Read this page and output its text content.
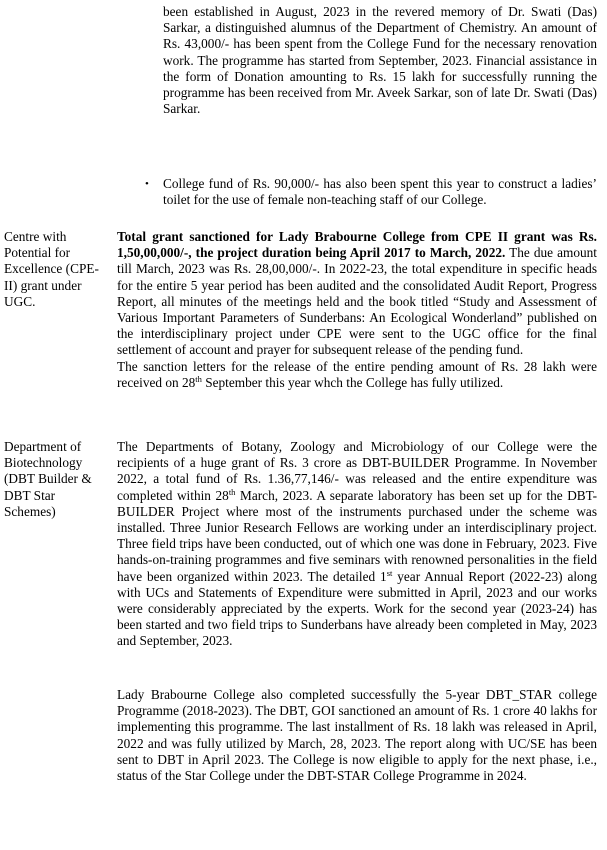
been established in August, 2023 in the revered memory of Dr. Swati (Das) Sarkar, a distinguished alumnus of the Department of Chemistry. An amount of Rs. 43,000/- has been spent from the College Fund for the necessary renovation work. The programme has started from September, 2023. Financial assistance in the form of Donation amounting to Rs. 15 lakh for successfully running the programme has been received from Mr. Aveek Sarkar, son of late Dr. Swati (Das) Sarkar.

•	College fund of Rs. 90,000/- has also been spent this year to construct a ladies’ toilet for the use of female non-teaching staff of our College.
Centre with Potential for Excellence (CPE-II) grant under UGC.

Total grant sanctioned for Lady Brabourne College from CPE II grant was Rs. 1,50,00,000/-, the project duration being April 2017 to March, 2022. The due amount till March, 2023 was Rs. 28,00,000/-. In 2022-23, the total expenditure in specific heads for the entire 5 year period has been audited and the consolidated Audit Report, Progress Report, all minutes of the meetings held and the book titled “Study and Assessment of Various Important Parameters of Sunderbans: An Ecological Wonderland” published on the interdisciplinary project under CPE were sent to the UGC office for the final settlement of account and prayer for subsequent release of the pending fund.

The sanction letters for the release of the entire pending amount of Rs. 28 lakh were received on 28th September this year whch the College has fully utilized.

Department of Biotechnology (DBT Builder & DBT Star Schemes)

The Departments of Botany, Zoology and Microbiology of our College were the recipients of a huge grant of Rs. 3 crore as DBT-BUILDER Programme. In November 2022, a total fund of Rs. 1.36,77,146/- was released and the entire expenditure was completed within 28th March, 2023. A separate laboratory has been set up for the DBT-BUILDER Project where most of the instruments purchased under the scheme was installed. Three Junior Research Fellows are working under an interdisciplinary project. Three field trips have been conducted, out of which one was done in February, 2023. Five hands-on-training programmes and five seminars with renowned personalities in the field have been organized within 2023. The detailed 1st year Annual Report (2022-23) along with UCs and Statements of Expenditure were submitted in April, 2023 and our works were considerably appreciated by the experts. Work for the second year (2023-24) has been started and two field trips to Sunderbans have already been completed in May, 2023 and September, 2023.

Lady Brabourne College also completed successfully the 5-year DBT_STAR college Programme (2018-2023). The DBT, GOI sanctioned an amount of Rs. 1 crore 40 lakhs for implementing this programme. The last installment of Rs. 18 lakh was released in April, 2022 and was fully utilized by March, 28, 2023. The report along with UC/SE has been sent to DBT in April 2023. The College is now eligible to apply for the next phase, i.e., status of the Star College under the DBT-STAR College Programme in 2024.
